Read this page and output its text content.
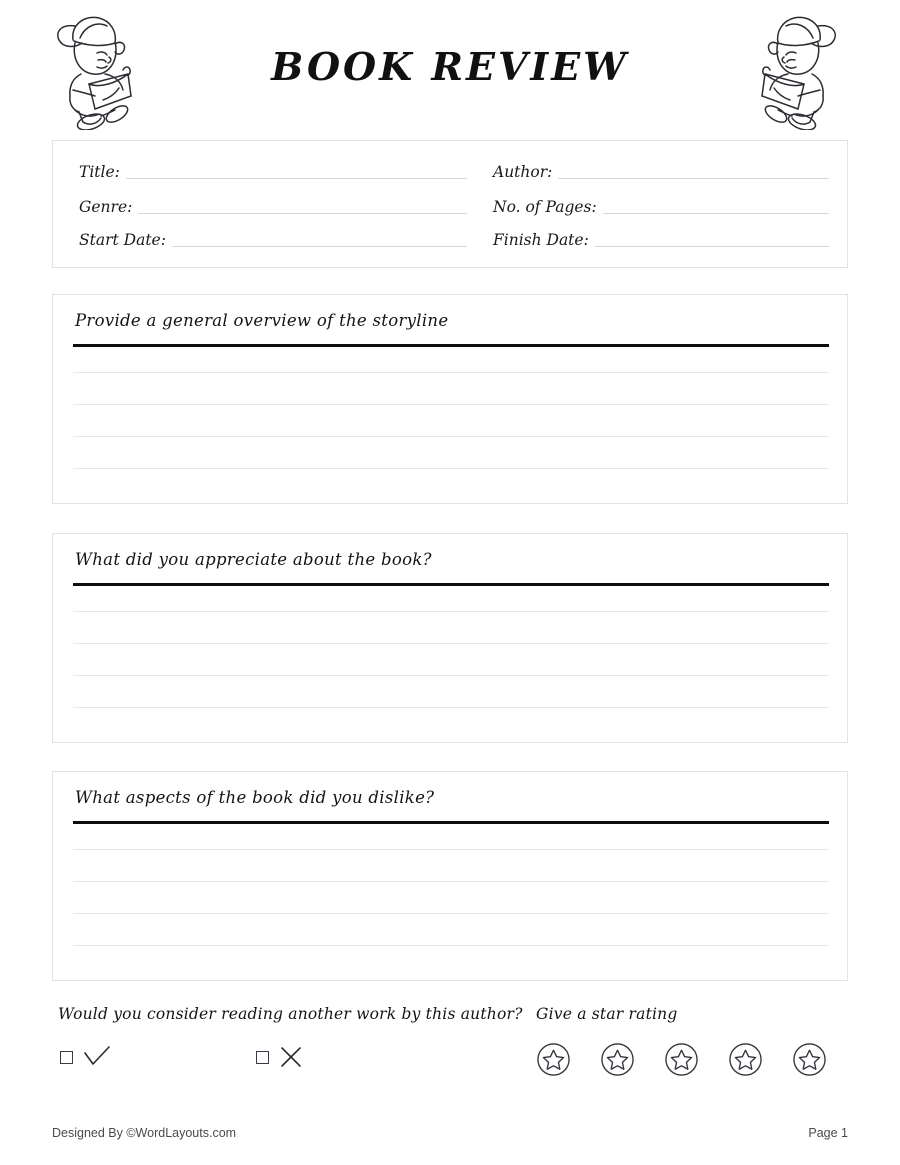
BOOK REVIEW
Title:
Genre:
Start Date:
Author:
No. of Pages:
Finish Date:
Provide a general overview of the storyline
What did you appreciate about the book?
What aspects of the book did you dislike?
Would you consider reading another work by this author? Give a star rating
Designed By ©WordLayouts.com	Page 1
